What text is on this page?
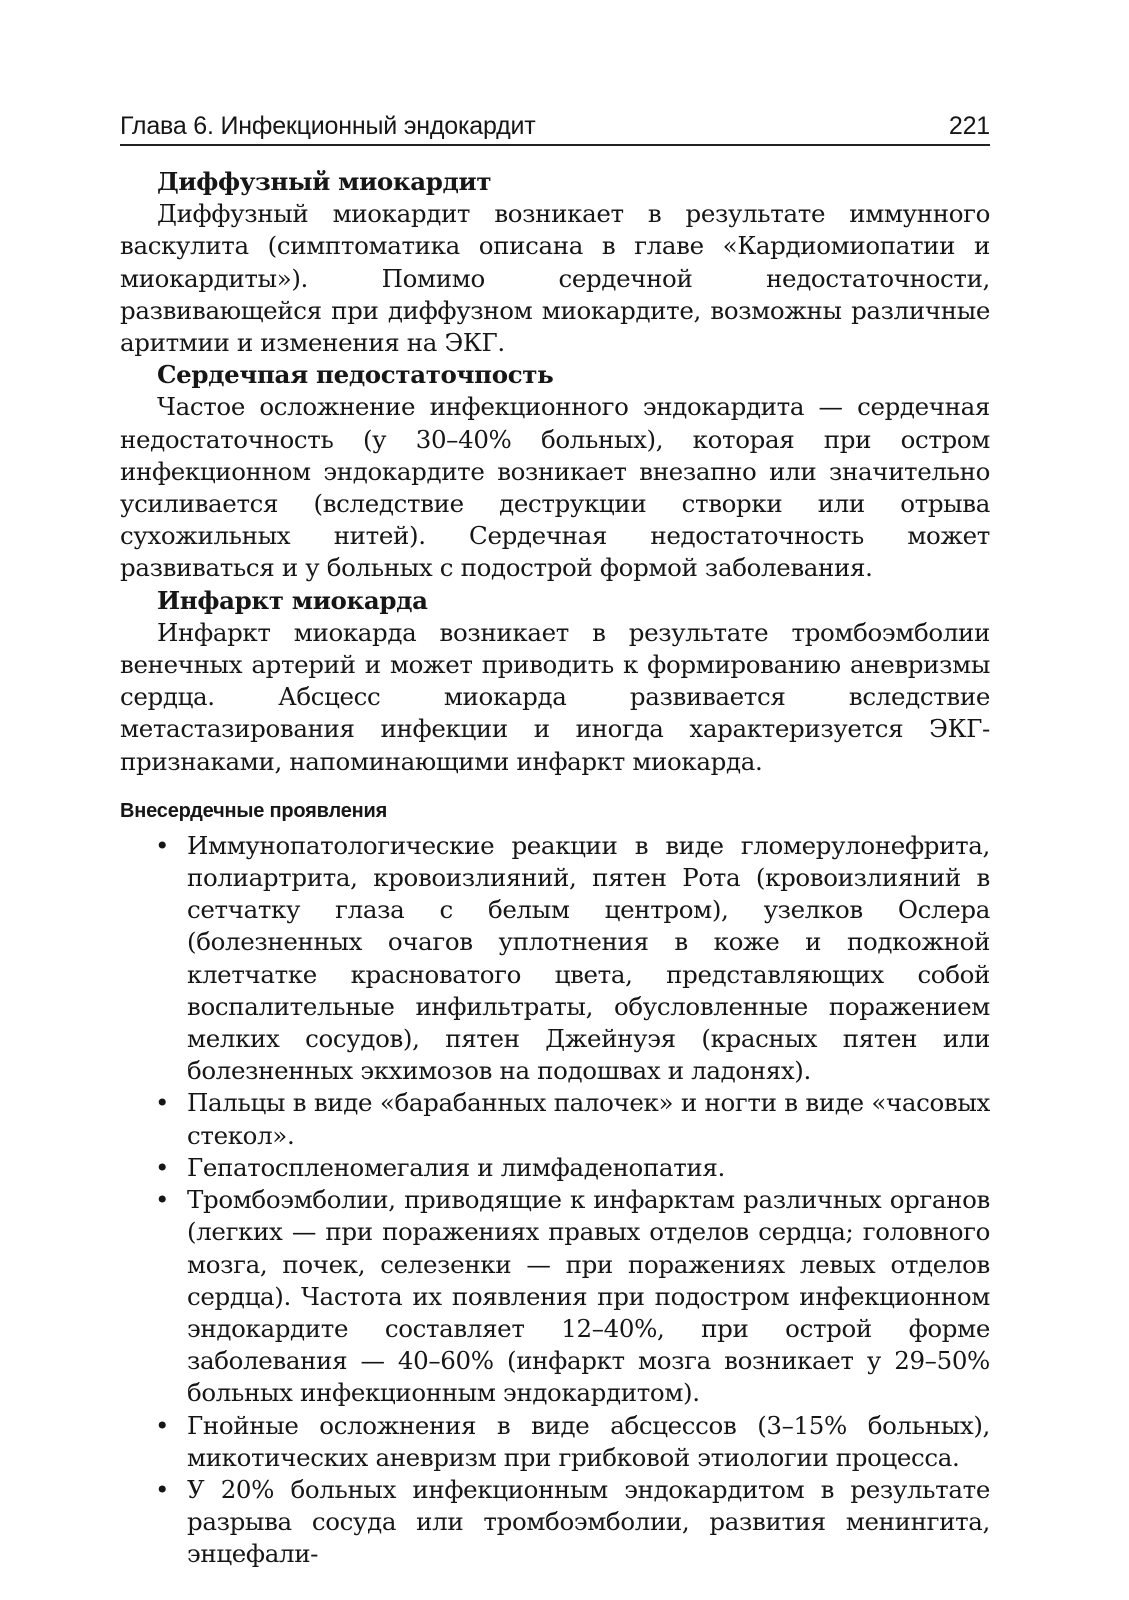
Глава 6. Инфекционный эндокардит	221
Диффузный миокардит

Диффузный миокардит возникает в результате иммунного васкулита (симптоматика описана в главе «Кардиомиопатии и миокардиты»). Помимо сердечной недостаточности, развивающейся при диффузном миокардите, возможны различные аритмии и изменения на ЭКГ.

Сердечпая педостаточпость

Частое осложнение инфекционного эндокардита — сердечная недостаточность (у 30–40% больных), которая при остром инфекционном эндокардите возникает внезапно или значительно усиливается (вследствие деструкции створки или отрыва сухожильных нитей). Сердечная недостаточность может развиваться и у больных с подострой формой заболевания.

Инфаркт миокарда

Инфаркт миокарда возникает в результате тромбоэмболии венечных артерий и может приводить к формированию аневризмы сердца. Абсцесс миокарда развивается вследствие метастазирования инфекции и иногда характеризуется ЭКГ-признаками, напоминающими инфаркт миокарда.

Внесердечные проявления
• Иммунопатологические реакции в виде гломерулонефрита, полиартрита, кровоизлияний, пятен Рота (кровоизлияний в сетчатку глаза с белым центром), узелков Ослера (болезненных очагов уплотнения в коже и подкожной клетчатке красноватого цвета, представляющих собой воспалительные инфильтраты, обусловленные поражением мелких сосудов), пятен Джейнуэя (красных пятен или болезненных экхимозов на подошвах и ладонях).
• Пальцы в виде «барабанных палочек» и ногти в виде «часовых стекол».
• Гепатоспленомегалия и лимфаденопатия.
• Тромбоэмболии, приводящие к инфарктам различных органов (легких — при поражениях правых отделов сердца; головного мозга, почек, селезенки — при поражениях левых отделов сердца). Частота их появления при подостром инфекционном эндокардите составляет 12–40%, при острой форме заболевания — 40–60% (инфаркт мозга возникает у 29–50% больных инфекционным эндокардитом).
• Гнойные осложнения в виде абсцессов (3–15% больных), микотических аневризм при грибковой этиологии процесса.
• У 20% больных инфекционным эндокардитом в результате разрыва сосуда или тромбоэмболии, развития менингита, энцефали-
